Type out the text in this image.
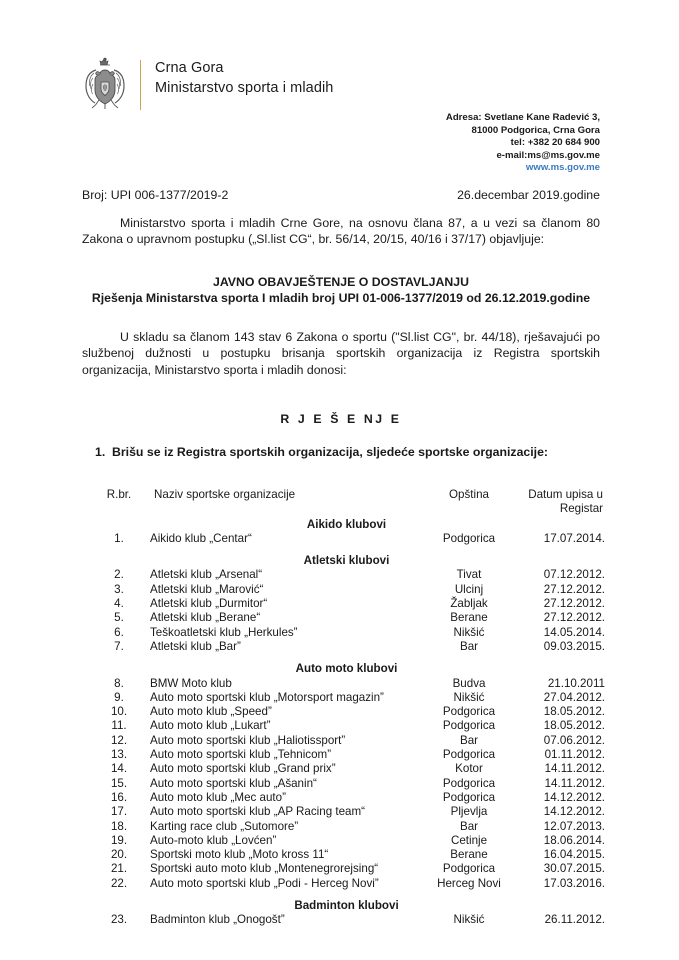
Crna Gora
Ministarstvo sporta i mladih
Adresa: Svetlane Kane Radević 3,
81000 Podgorica, Crna Gora
tel: +382 20 684 900
e-mail:ms@ms.gov.me
www.ms.gov.me
Broj: UPI 006-1377/2019-2	26.decembar 2019.godine
Ministarstvo sporta i mladih Crne Gore, na osnovu člana 87, a u vezi sa članom 80 Zakona o upravnom postupku („Sl.list CG“, br. 56/14, 20/15, 40/16 i 37/17) objavljuje:
JAVNO OBAVJEŠTENJE O DOSTAVLJANJU
Rješenja Ministarstva sporta I mladih broj UPI 01-006-1377/2019 od 26.12.2019.godine
U skladu sa članom 143 stav 6 Zakona o sportu ("Sl.list CG", br. 44/18), rješavajući po službenoj dužnosti u postupku brisanja sportskih organizacija iz Registra sportskih organizacija, Ministarstvo sporta i mladih donosi:
R J E Š E NJ E
1. Brišu se iz Registra sportskih organizacija, sljedeće sportske organizacije:
R.br.	Naziv sportske organizacije	Opština	Datum upisa u
			Registar
Aikido klubovi			
1.	Aikido klub „Centar“	Podgorica	17.07.2014.

Atletski klubovi			
2.	Atletski klub „Arsenal“	Tivat	07.12.2012.
3.	Atletski klub „Marović“	Ulcinj	27.12.2012.
4.	Atletski klub „Durmitor“	Žabljak	27.12.2012.
5.	Atletski klub „Berane“	Berane	27.12.2012.
6.	Teškoatletski klub „Herkules”	Nikšić	14.05.2014.
7.	Atletski klub „Bar”	Bar	09.03.2015.

Auto moto klubovi			
8.	BMW Moto klub	Budva	21.10.2011
9.	Auto moto sportski klub „Motorsport magazin”	Nikšić	27.04.2012.
10.	Auto moto klub „Speed”	Podgorica	18.05.2012.
11.	Auto moto klub „Lukart”	Podgorica	18.05.2012.
12.	Auto moto sportski klub „Haliotissport”	Bar	07.06.2012.
13.	Auto moto sportski klub „Tehnicom”	Podgorica	01.11.2012.
14.	Auto moto sportski klub „Grand prix”	Kotor	14.11.2012.
15.	Auto moto sportski klub „Ašanin“	Podgorica	14.11.2012.
16.	Auto moto klub „Mec auto”	Podgorica	14.12.2012.
17.	Auto moto sportski klub „AP Racing team“	Pljevlja	14.12.2012.
18.	Karting race club „Sutomore”	Bar	12.07.2013.
19.	Auto-moto klub „Lovćen”	Cetinje	18.06.2014.
20.	Sportski moto klub „Moto kross 11“	Berane	16.04.2015.
21.	Sportski auto moto klub „Montenegrorejsing“	Podgorica	30.07.2015.
22.	Auto moto sportski klub „Podi - Herceg Novi”	Herceg Novi	17.03.2016.

Badminton klubovi			
23.	Badminton klub „Onogošt”	Nikšić	26.11.2012.
